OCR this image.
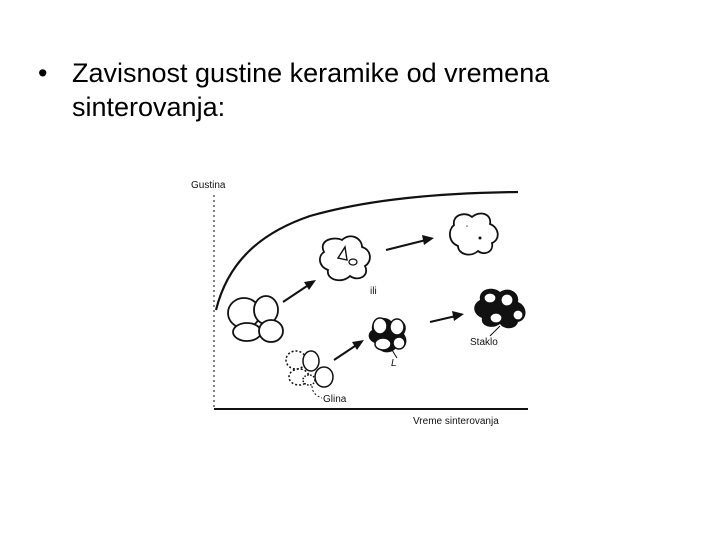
• Zavisnost gustine keramike od vremena
sinterovanja:
Gustina
Vreme sinterovanja
"
ili
Glina
L
Staklo
